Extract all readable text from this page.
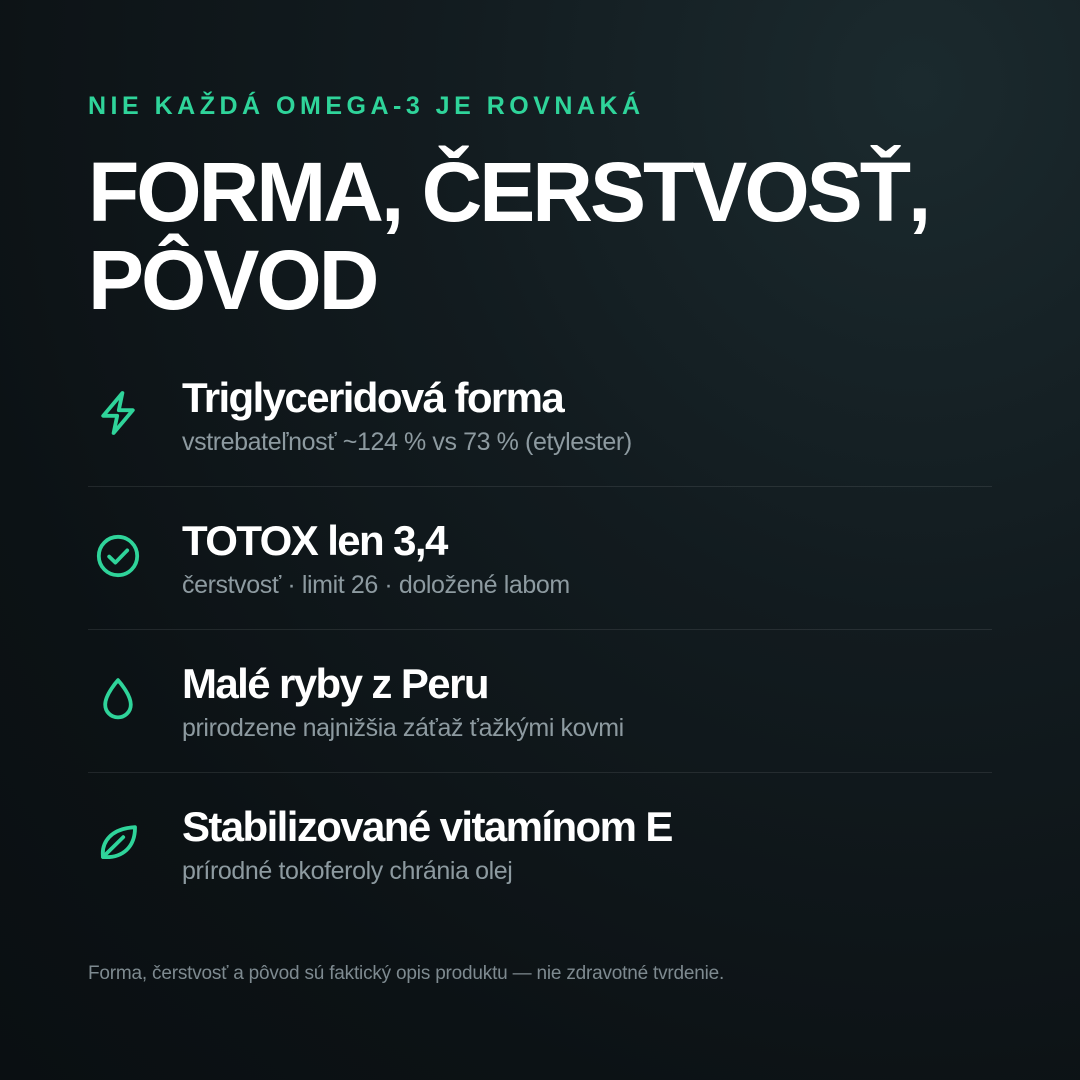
NIE KAŽDÁ OMEGA-3 JE ROVNAKÁ
FORMA, ČERSTVOSŤ,
PÔVOD
Triglyceridová forma
vstrebateľnosť ~124 % vs 73 % (etylester)
TOTOX len 3,4
čerstvosť · limit 26 · doložené labom
Malé ryby z Peru
prirodzene najnižšia záťaž ťažkými kovmi
Stabilizované vitamínom E
prírodné tokoferoly chránia olej
Forma, čerstvosť a pôvod sú faktický opis produktu — nie zdravotné tvrdenie.
